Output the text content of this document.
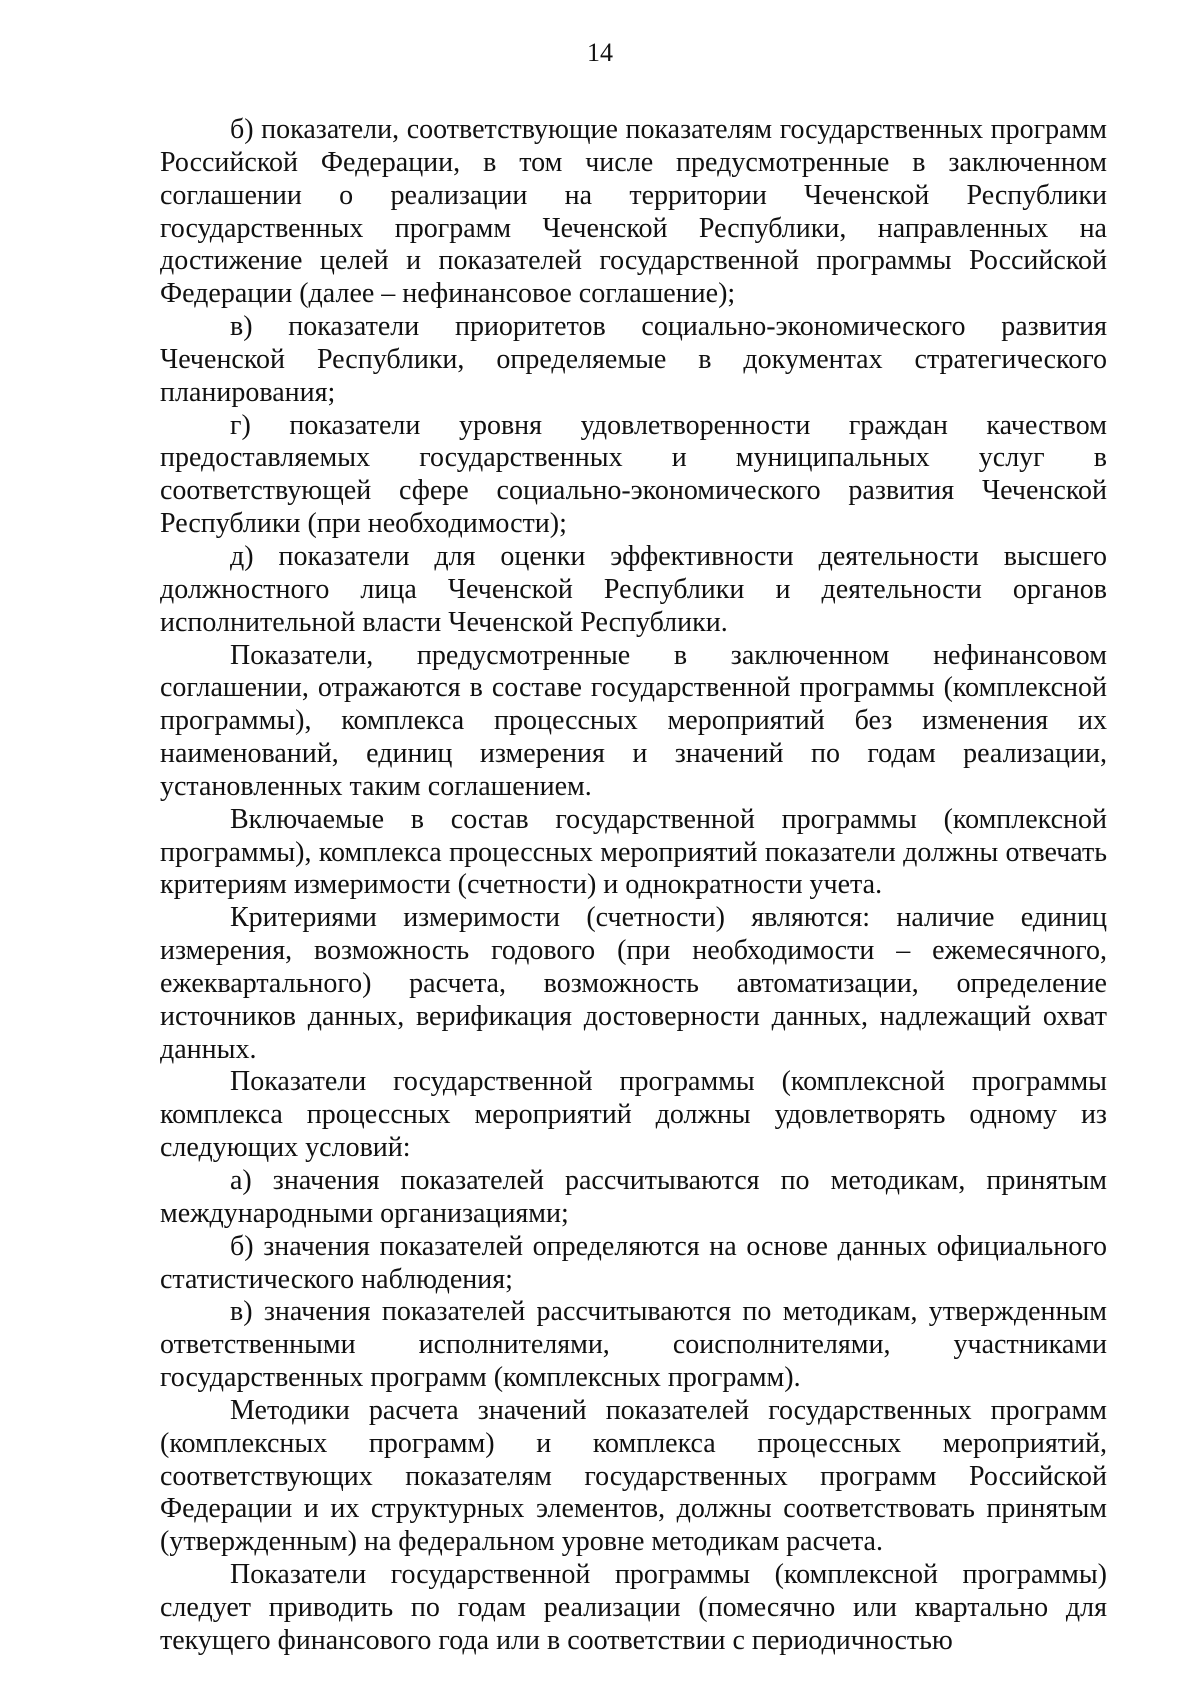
14

б) показатели, соответствующие показателям государственных программ Российской Федерации, в том числе предусмотренные в заключенном соглашении о реализации на территории Чеченской Республики государственных программ Чеченской Республики, направленных на достижение целей и показателей государственной программы Российской Федерации (далее – нефинансовое соглашение);

в) показатели приоритетов социально-экономического развития Чеченской Республики, определяемые в документах стратегического планирования;

г) показатели уровня удовлетворенности граждан качеством предоставляемых государственных и муниципальных услуг в соответствующей сфере социально-экономического развития Чеченской Республики (при необходимости);

д) показатели для оценки эффективности деятельности высшего должностного лица Чеченской Республики и деятельности органов исполнительной власти Чеченской Республики.

Показатели, предусмотренные в заключенном нефинансовом соглашении, отражаются в составе государственной программы (комплексной программы), комплекса процессных мероприятий без изменения их наименований, единиц измерения и значений по годам реализации, установленных таким соглашением.

Включаемые в состав государственной программы (комплексной программы), комплекса процессных мероприятий показатели должны отвечать критериям измеримости (счетности) и однократности учета.

Критериями измеримости (счетности) являются: наличие единиц измерения, возможность годового (при необходимости – ежемесячного, ежеквартального) расчета, возможность автоматизации, определение источников данных, верификация достоверности данных, надлежащий охват данных.

Показатели государственной программы (комплексной программы комплекса процессных мероприятий должны удовлетворять одному из следующих условий:

а) значения показателей рассчитываются по методикам, принятым международными организациями;

б) значения показателей определяются на основе данных официального статистического наблюдения;

в) значения показателей рассчитываются по методикам, утвержденным ответственными исполнителями, соисполнителями, участниками государственных программ (комплексных программ).

Методики расчета значений показателей государственных программ (комплексных программ) и комплекса процессных мероприятий, соответствующих показателям государственных программ Российской Федерации и их структурных элементов, должны соответствовать принятым (утвержденным) на федеральном уровне методикам расчета.

Показатели государственной программы (комплексной программы) следует приводить по годам реализации (помесячно или квартально для текущего финансового года или в соответствии с периодичностью
